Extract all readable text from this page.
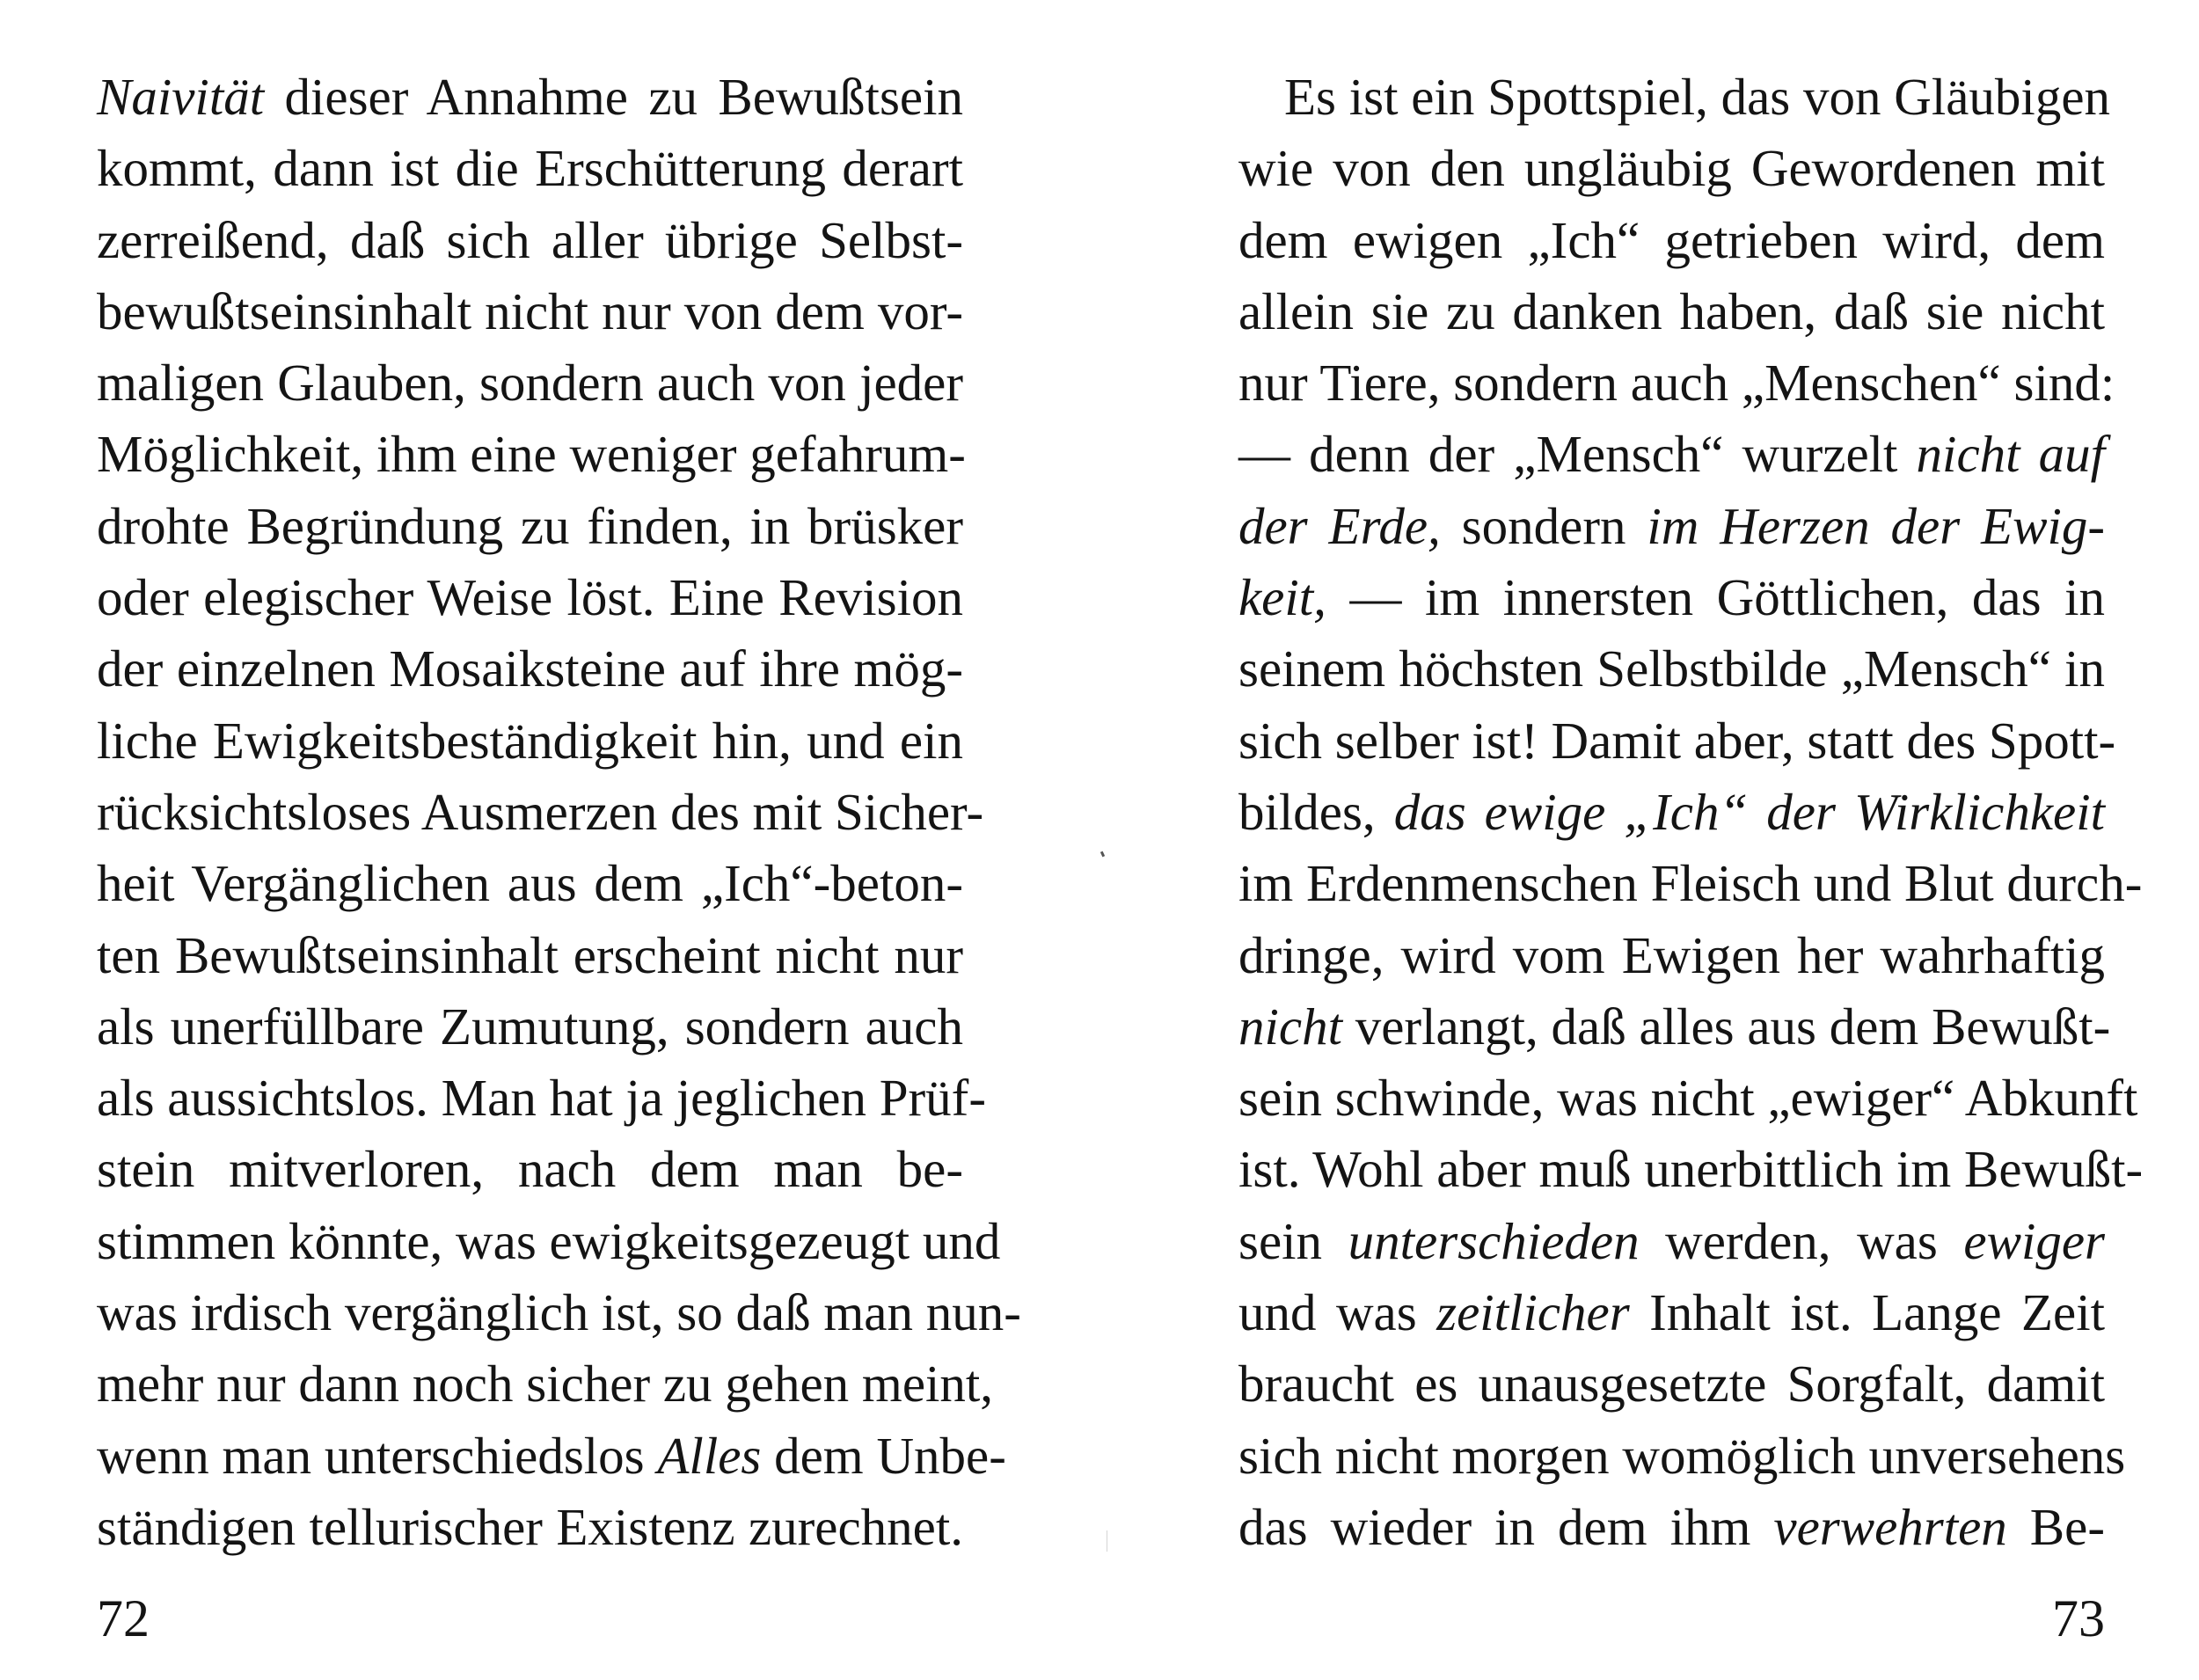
Naivität dieser Annahme zu Bewußtsein
kommt, dann ist die Erschütterung derart
zerreißend, daß sich aller übrige Selbst-
bewußtseinsinhalt nicht nur von dem vor-
maligen Glauben, sondern auch von jeder
Möglichkeit, ihm eine weniger gefahrum-
drohte Begründung zu finden, in brüsker
oder elegischer Weise löst. Eine Revision
der einzelnen Mosaiksteine auf ihre mög-
liche Ewigkeitsbeständigkeit hin, und ein
rücksichtsloses Ausmerzen des mit Sicher-
heit Vergänglichen aus dem „Ich“-beton-
ten Bewußtseinsinhalt erscheint nicht nur
als unerfüllbare Zumutung, sondern auch
als aussichtslos. Man hat ja jeglichen Prüf-
stein mitverloren, nach dem man be-
stimmen könnte, was ewigkeitsgezeugt und
was irdisch vergänglich ist, so daß man nun-
mehr nur dann noch sicher zu gehen meint,
wenn man unterschiedslos Alles dem Unbe-
ständigen tellurischer Existenz zurechnet.
72
Es ist ein Spottspiel, das von Gläubigen
wie von den ungläubig Gewordenen mit
dem ewigen „Ich“ getrieben wird, dem
allein sie zu danken haben, daß sie nicht
nur Tiere, sondern auch „Menschen“ sind:
— denn der „Mensch“ wurzelt nicht auf
der Erde, sondern im Herzen der Ewig-
keit, — im innersten Göttlichen, das in
seinem höchsten Selbstbilde „Mensch“ in
sich selber ist! Damit aber, statt des Spott-
bildes, das ewige „Ich“ der Wirklichkeit
im Erdenmenschen Fleisch und Blut durch-
dringe, wird vom Ewigen her wahrhaftig
nicht verlangt, daß alles aus dem Bewußt-
sein schwinde, was nicht „ewiger“ Abkunft
ist. Wohl aber muß unerbittlich im Bewußt-
sein unterschieden werden, was ewiger
und was zeitlicher Inhalt ist. Lange Zeit
braucht es unausgesetzte Sorgfalt, damit
sich nicht morgen womöglich unversehens
das wieder in dem ihm verwehrten Be-
73
